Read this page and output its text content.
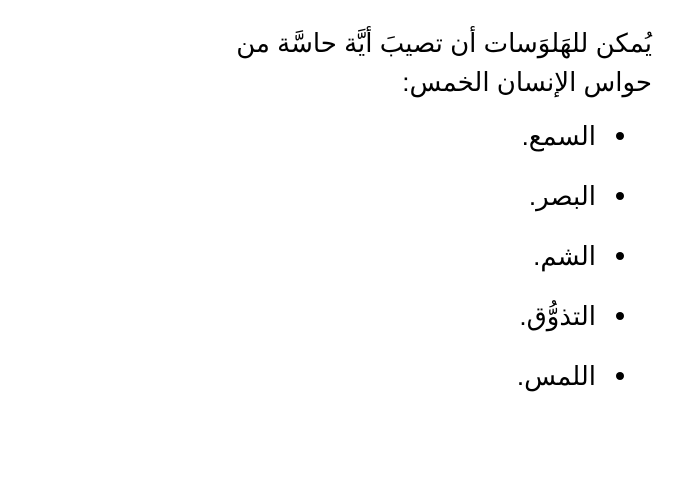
يُمكن للهَلوَسات أن تصيبَ أيَّة حاسَّة من حواس الإنسان الخمس:

السمع.
البصر.
الشم.
التذوُّق.
اللمس.
